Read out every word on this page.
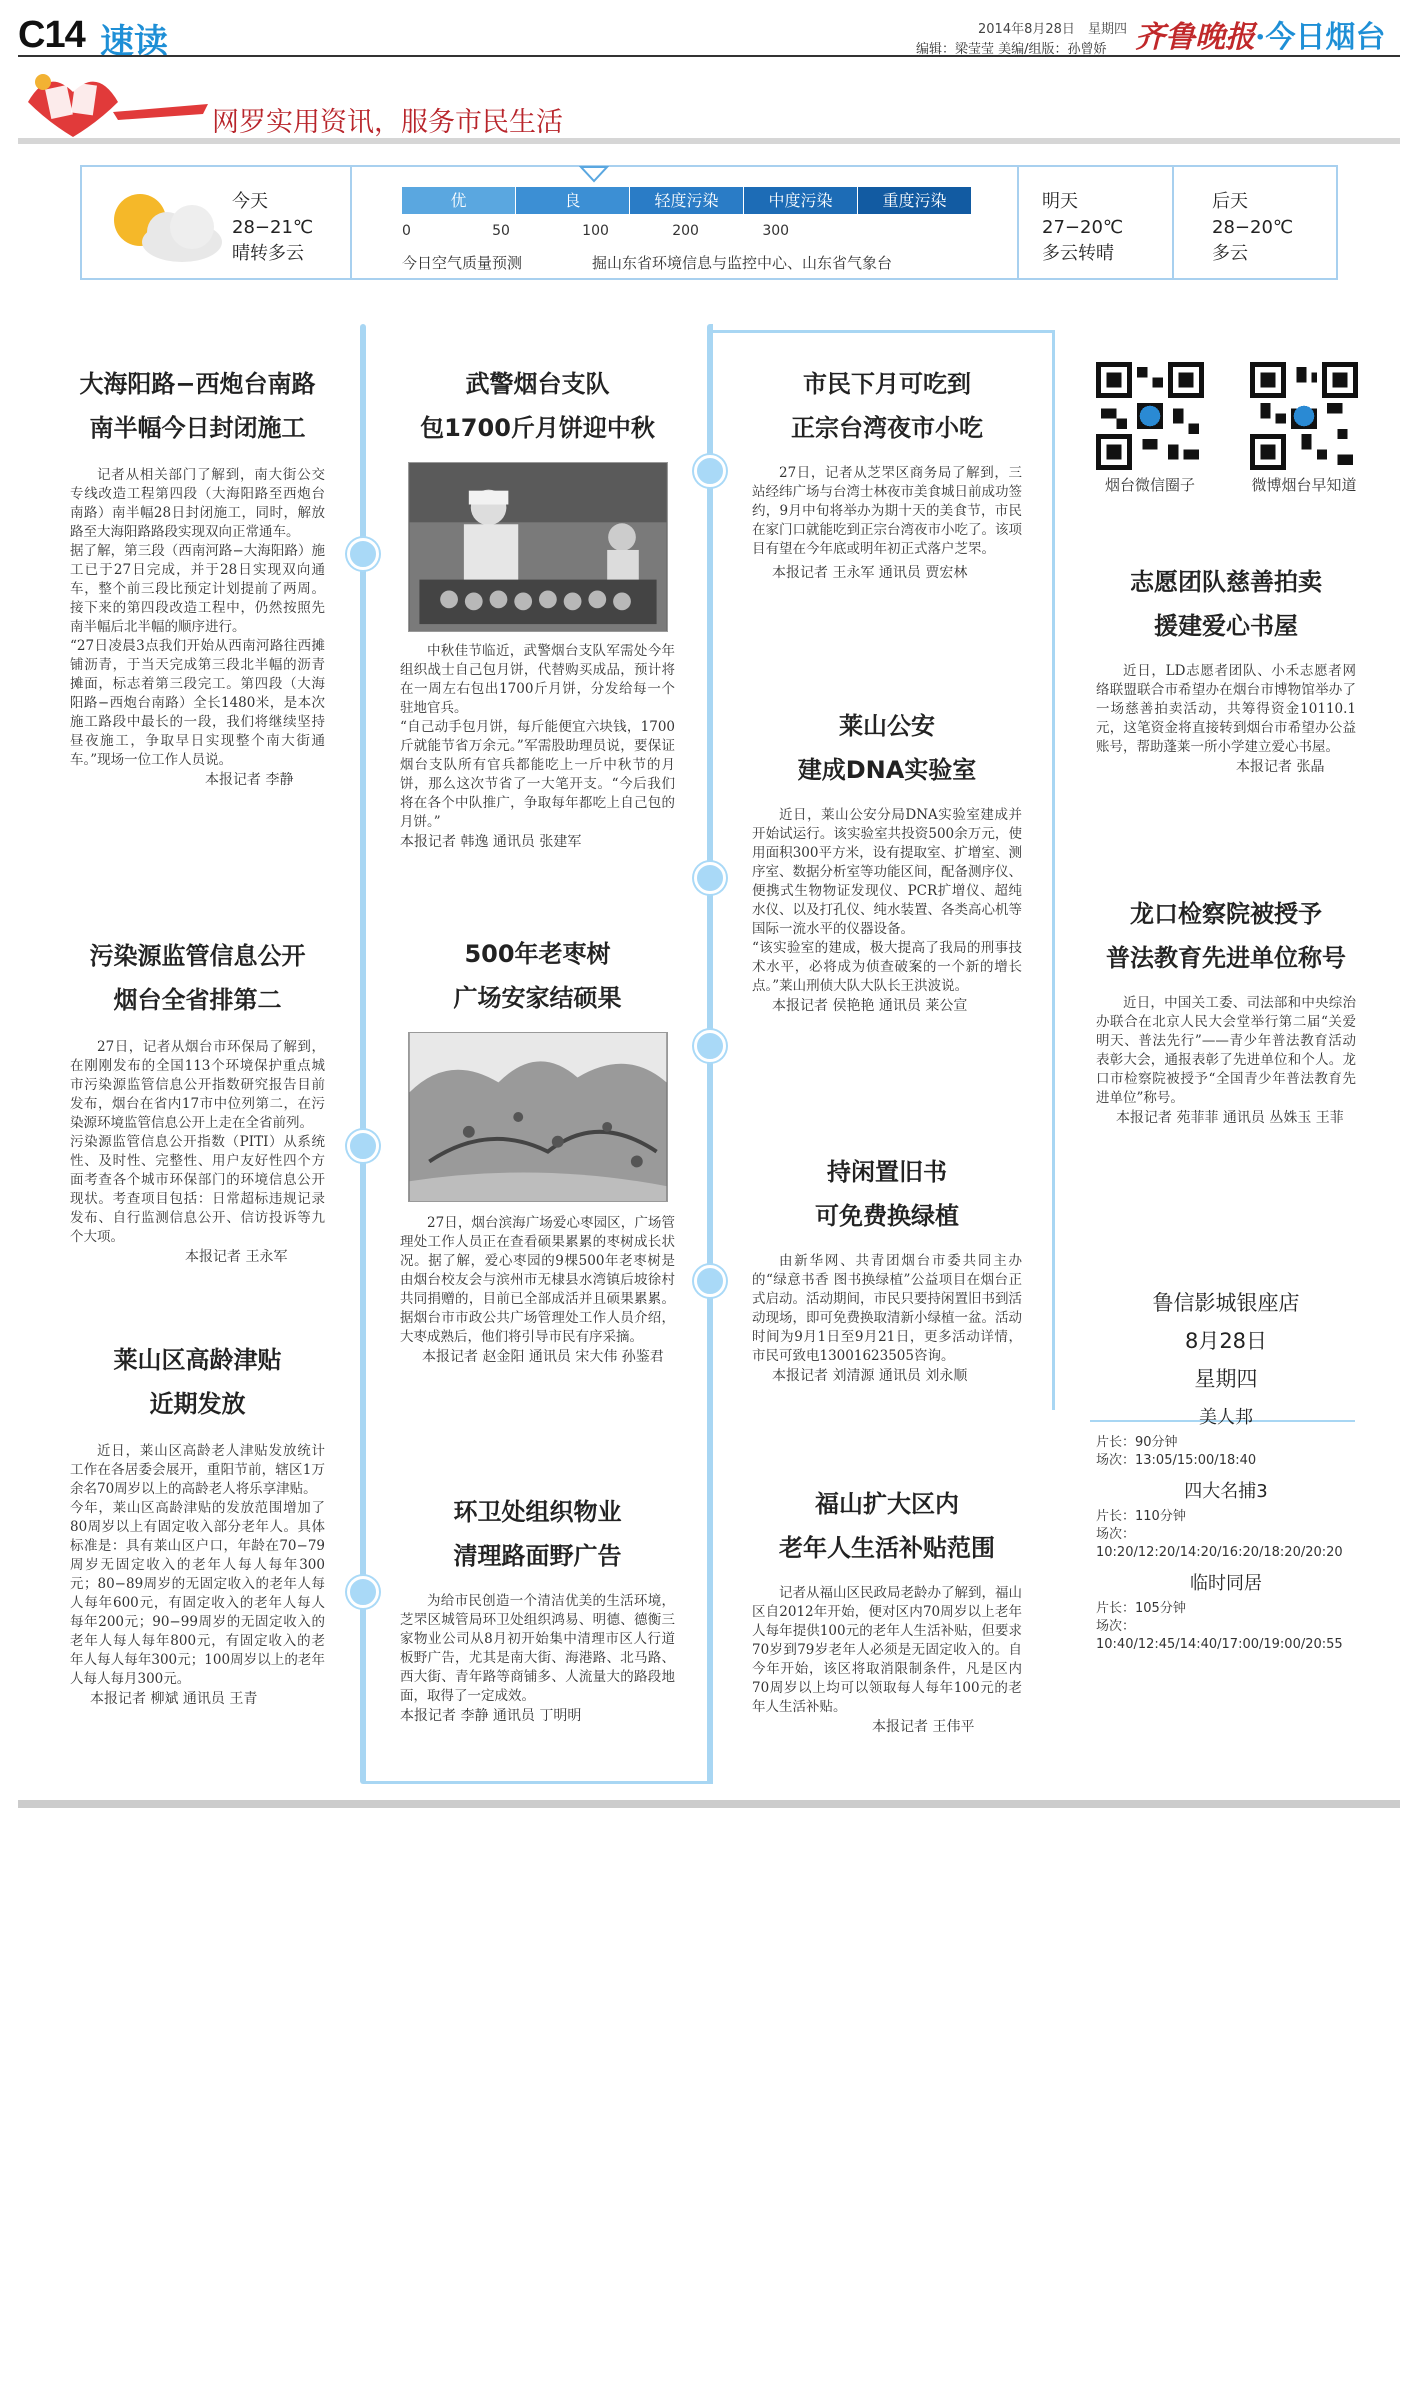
C14 速读	2014年8月28日 星期四
编辑：梁莹莹 美编/组版：孙曾娇 齐鲁晚报·今日烟台
网罗实用资讯，服务市民生活
今天
28−21℃
晴转多云
优	良	轻度污染	中度污染	重度污染
0	50	100	200	300
今日空气质量预测	掘山东省环境信息与监控中心、山东省气象台
明天
27−20℃
多云转晴
后天
28−20℃
多云
大海阳路−西炮台南路
南半幅今日封闭施工
记者从相关部门了解到，南大街公交专线改造工程第四段（大海阳路至西炮台南路）南半幅28日封闭施工，同时，解放路至大海阳路路段实现双向正常通车。
据了解，第三段（西南河路−大海阳路）施工已于27日完成，并于28日实现双向通车，整个前三段比预定计划提前了两周。接下来的第四段改造工程中，仍然按照先南半幅后北半幅的顺序进行。
“27日凌晨3点我们开始从西南河路往西摊铺沥青，于当天完成第三段北半幅的沥青摊面，标志着第三段完工。第四段（大海阳路−西炮台南路）全长1480米，是本次施工路段中最长的一段，我们将继续坚持昼夜施工，争取早日实现整个南大街通车。”现场一位工作人员说。
本报记者 李静
污染源监管信息公开
烟台全省排第二
27日，记者从烟台市环保局了解到，在刚刚发布的全国113个环境保护重点城市污染源监管信息公开指数研究报告目前发布，烟台在省内17市中位列第二，在污染源环境监管信息公开上走在全省前列。
污染源监管信息公开指数（PITI）从系统性、及时性、完整性、用户友好性四个方面考查各个城市环保部门的环境信息公开现状。考查项目包括：日常超标违规记录发布、自行监测信息公开、信访投诉等九个大项。
本报记者 王永军
莱山区高龄津贴
近期发放
近日，莱山区高龄老人津贴发放统计工作在各居委会展开，重阳节前，辖区1万余名70周岁以上的高龄老人将乐享津贴。
今年，莱山区高龄津贴的发放范围增加了80周岁以上有固定收入部分老年人。具体标准是：具有莱山区户口，年龄在70−79周岁无固定收入的老年人每人每年300元；80−89周岁的无固定收入的老年人每人每年600元，有固定收入的老年人每人每年200元；90−99周岁的无固定收入的老年人每人每年800元，有固定收入的老年人每人每年300元；100周岁以上的老年人每人每月300元。
本报记者 柳斌 通讯员 王青
武警烟台支队
包1700斤月饼迎中秋
中秋佳节临近，武警烟台支队军需处今年组织战士自己包月饼，代替购买成品，预计将在一周左右包出1700斤月饼，分发给每一个驻地官兵。
“自己动手包月饼，每斤能便宜六块钱，1700斤就能节省万余元。”军需股助理员说，要保证烟台支队所有官兵都能吃上一斤中秋节的月饼，那么这次节省了一大笔开支。“今后我们将在各个中队推广，争取每年都吃上自己包的月饼。”
本报记者 韩逸 通讯员 张建军
500年老枣树
广场安家结硕果
27日，烟台滨海广场爱心枣园区，广场管理处工作人员正在查看硕果累累的枣树成长状况。据了解，爱心枣园的9棵500年老枣树是由烟台校友会与滨州市无棣县水湾镇后坡徐村共同捐赠的，目前已全部成活并且硕果累累。据烟台市市政公共广场管理处工作人员介绍，大枣成熟后，他们将引导市民有序采摘。
本报记者 赵金阳 通讯员 宋大伟 孙鉴君
环卫处组织物业
清理路面野广告
为给市民创造一个清洁优美的生活环境，芝罘区城管局环卫处组织鸿易、明德、德衡三家物业公司从8月初开始集中清理市区人行道板野广告，尤其是南大街、海港路、北马路、西大街、青年路等商铺多、人流量大的路段地面，取得了一定成效。
本报记者 李静 通讯员 丁明明
市民下月可吃到
正宗台湾夜市小吃
27日，记者从芝罘区商务局了解到，三站经纬广场与台湾士林夜市美食城日前成功签约，9月中旬将举办为期十天的美食节，市民在家门口就能吃到正宗台湾夜市小吃了。该项目有望在今年底或明年初正式落户芝罘。
本报记者 王永军 通讯员 贾宏林
莱山公安
建成DNA实验室
近日，莱山公安分局DNA实验室建成并开始试运行。该实验室共投资500余万元，使用面积300平方米，设有提取室、扩增室、测序室、数据分析室等功能区间，配备测序仪、便携式生物物证发现仪、PCR扩增仪、超纯水仪、以及打孔仪、纯水装置、各类高心机等国际一流水平的仪器设备。
“该实验室的建成，极大提高了我局的刑事技术水平，必将成为侦查破案的一个新的增长点。”莱山刑侦大队大队长王洪波说。
本报记者 侯艳艳 通讯员 莱公宣
持闲置旧书
可免费换绿植
由新华网、共青团烟台市委共同主办的“绿意书香 图书换绿植”公益项目在烟台正式启动。活动期间，市民只要持闲置旧书到活动现场，即可免费换取清新小绿植一盆。活动时间为9月1日至9月21日，更多活动详情，市民可致电13001623505咨询。
本报记者 刘清源 通讯员 刘永顺
福山扩大区内
老年人生活补贴范围
记者从福山区民政局老龄办了解到，福山区自2012年开始，便对区内70周岁以上老年人每年提供100元的老年人生活补贴，但要求70岁到79岁老年人必须是无固定收入的。自今年开始，该区将取消限制条件，凡是区内70周岁以上均可以领取每人每年100元的老年人生活补贴。
本报记者 王伟平
烟台微信圈子	微博烟台早知道
志愿团队慈善拍卖
援建爱心书屋
近日，LD志愿者团队、小禾志愿者网络联盟联合市希望办在烟台市博物馆举办了一场慈善拍卖活动，共筹得资金10110.1元，这笔资金将直接转到烟台市希望办公益账号，帮助蓬莱一所小学建立爱心书屋。
本报记者 张晶
龙口检察院被授予
普法教育先进单位称号
近日，中国关工委、司法部和中央综治办联合在北京人民大会堂举行第二届“关爱明天、普法先行”——青少年普法教育活动表彰大会，通报表彰了先进单位和个人。龙口市检察院被授予“全国青少年普法教育先进单位”称号。
本报记者 苑菲菲 通讯员 丛姝玉 王菲
鲁信影城银座店
8月28日
星期四
美人邦
片长：90分钟
场次：13:05/15:00/18:40
四大名捕3
片长：110分钟
场次：10:20/12:20/14:20/16:20/18:20/20:20
临时同居
片长：105分钟
场次：10:40/12:45/14:40/17:00/19:00/20:55
